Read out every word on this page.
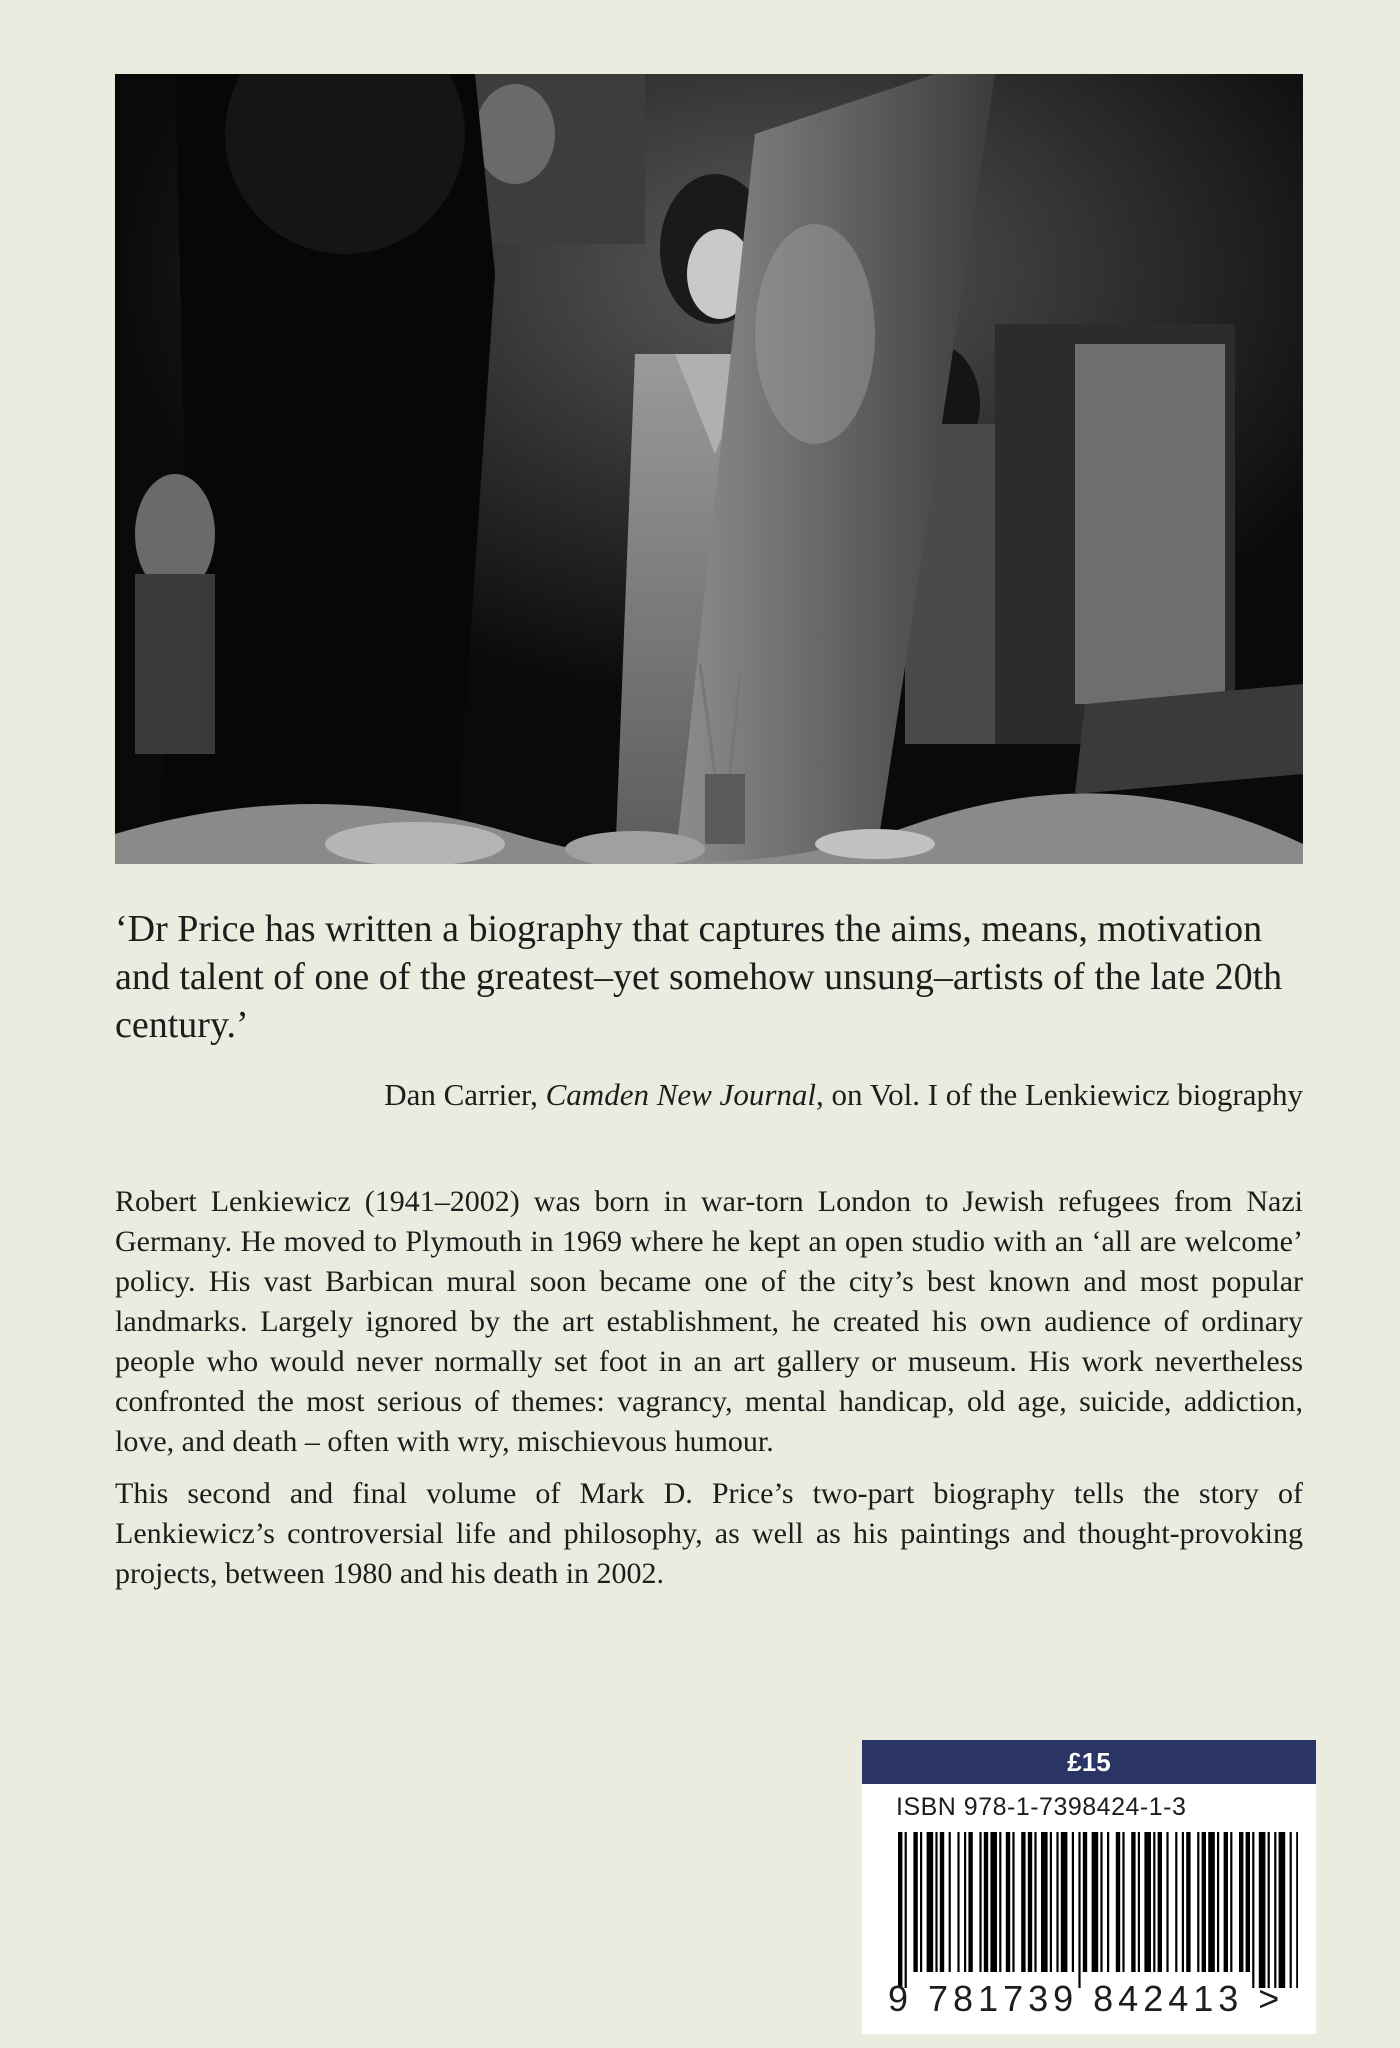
‘Dr Price has written a biography that captures the aims, means, motivation and talent of one of the greatest–yet somehow unsung–artists of the late 20th century.’

Dan Carrier, Camden New Journal, on Vol. I of the Lenkiewicz biography

Robert Lenkiewicz (1941–2002) was born in war-torn London to Jewish refugees from Nazi Germany. He moved to Plymouth in 1969 where he kept an open studio with an ‘all are welcome’ policy. His vast Barbican mural soon became one of the city’s best known and most popular landmarks. Largely ignored by the art establishment, he created his own audience of ordinary people who would never normally set foot in an art gallery or museum. His work nevertheless confronted the most serious of themes: vagrancy, mental handicap, old age, suicide, addiction, love, and death – often with wry, mischievous humour.

This second and final volume of Mark D. Price’s two-part biography tells the story of Lenkiewicz’s controversial life and philosophy, as well as his paintings and thought-provoking projects, between 1980 and his death in 2002.

£15
ISBN 978-1-7398424-1-3
9 781739 842413 >
